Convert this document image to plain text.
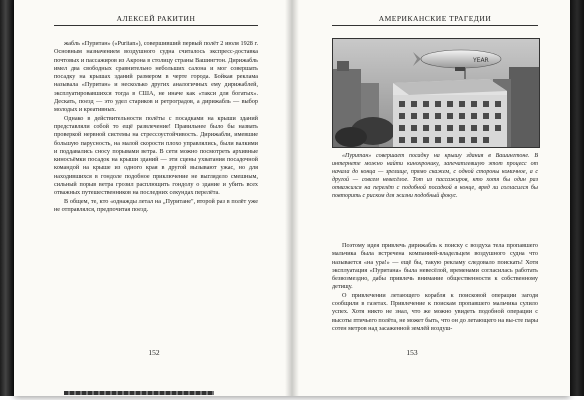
АЛЕКСЕЙ РАКИТИН

жабль «Пуритан» («Puritan»), совершивший первый полёт 2 июля 1928 г. Основным назначением воздушного судна считалось экспресс-доставка почтовых и пассажиров из Акрона в столицу страны Вашингтон. Дирижабль имел два свободных сравнительно небольших салона и мог совершать посадку на крышах зданий размером в черте города. Бойкая реклама называла «Пуритан» и несколько других аналогичных ему дирижаблей, эксплуатировавшихся тогда в США, не иначе как «такси для богатых». Дескать, поезд — это удел стариков и ретроградов, а дирижабль — выбор молодых и креативных.

Однако в действительности полёты с посадками на крыши зданий представляли собой то ещё развлечение! Правильнее было бы назвать проверкой нервной системы на стрессоустойчивость. Дирижабли, имевшие большую парусность, на малой скорости плохо управлялись, были валкими и поддавались сносу порывами ветра. В сети можно посмотреть архивные киносъёмки посадок на крыши зданий — эти сцены ухватания посадочной командой на крыше из одного края в другой вызывают ужас, но для находившихся в гондоле подобное приключение не выглядело смешным, сильный порыв ветра грозил расплющить гондолу о здание и убить всех отважных путешественников на последних секундах перелёта.

В общем, те, кто «однажды летал на „Пуритане", второй раз в полёт уже не отправлялся, предпочитая поезд.

152
АМЕРИКАНСКИЕ ТРАГЕДИИ
YEAR

«Пуритан» совершает посадку на крышу здания в Вашингтоне. В интернете можно найти кинохронику, запечатлевшую этот процесс от начала до конца — зрелище, прямо скажем, с одной стороны комичное, а с другой — совсем невесёлое. Тот из пассажиров, кто хотя бы один раз отважился на перелёт с подобной посадкой в конце, вряд ли согласился бы повторить с риском для жизни подобный фокус.

Поэтому идея привлечь дирижабль к поиску с воздуха тела пропавшего мальчика была встречена компанией-владельцем воздушного судна что называется «на ура!» — ещё бы, такую рекламу следовало поискать! Хотя эксплуатация «Пуритана» была невесёлой, временами согласилась работать безвозмездно, дабы привлечь внимание общественности к собственному детищу.

О привлечении летающего корабля к поисковой операции загодя сообщили в газетах. Привлечение к поискам пропавшего мальчика сулило успех. Хотя никто не знал, что же можно увидеть подобной операции с высоты птичьего полёта, не может быть, что он до летающего на вы-сте пары сотен метров над засаженной землёй воздуш-

153
